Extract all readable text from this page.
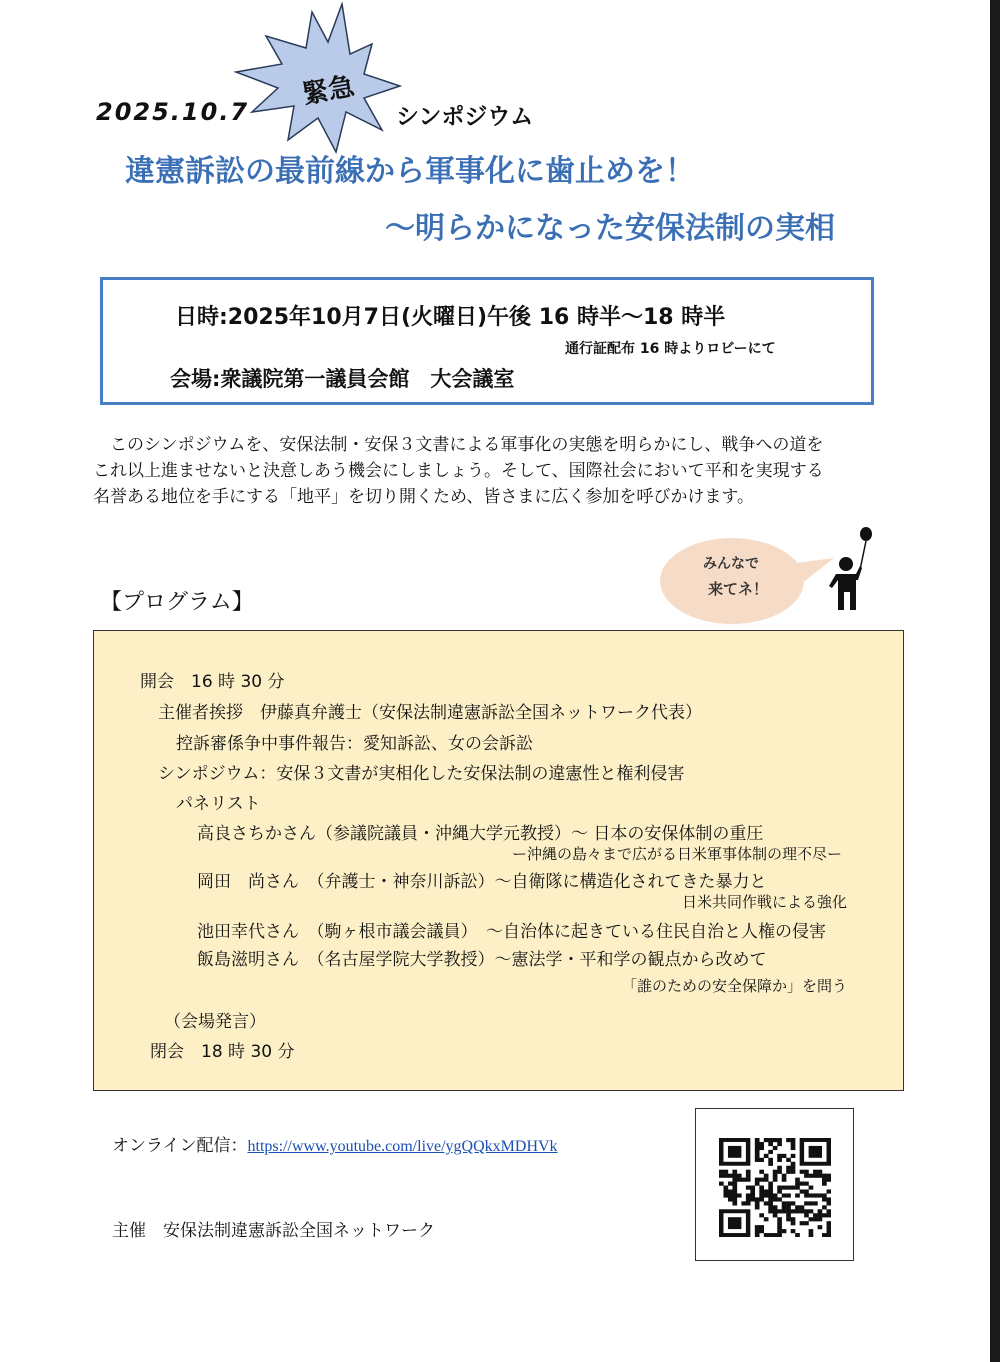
2025.10.7
緊急
シンポジウム
違憲訴訟の最前線から軍事化に歯止めを！
～明らかになった安保法制の実相
日時:2025年10月7日(火曜日)午後 16 時半～18 時半
通行証配布 16 時よりロビーにて
会場:衆議院第一議員会館　大会議室

　このシンポジウムを、安保法制・安保３文書による軍事化の実態を明らかにし、戦争への道を

これ以上進ませないと決意しあう機会にしましょう。そして、国際社会において平和を実現する

名誉ある地位を手にする「地平」を切り開くため、皆さまに広く参加を呼びかけます。

みんなで
来てネ！
【プログラム】
開会　16 時 30 分
主催者挨拶　伊藤真弁護士（安保法制違憲訴訟全国ネットワーク代表）
控訴審係争中事件報告：愛知訴訟、女の会訴訟
シンポジウム：安保３文書が実相化した安保法制の違憲性と権利侵害
パネリスト
高良さちかさん（参議院議員・沖縄大学元教授）～ 日本の安保体制の重圧
ー沖縄の島々まで広がる日米軍事体制の理不尽ー
岡田　尚さん　（弁護士・神奈川訴訟）～自衛隊に構造化されてきた暴力と
日米共同作戦による強化
池田幸代さん　（駒ヶ根市議会議員）　～自治体に起きている住民自治と人権の侵害
飯島滋明さん　（名古屋学院大学教授）～憲法学・平和学の観点から改めて
「誰のための安全保障か」を問う
（会場発言）
閉会　18 時 30 分
オンライン配信：https://www.youtube.com/live/ygQQkxMDHVk
主催　安保法制違憲訴訟全国ネットワーク
